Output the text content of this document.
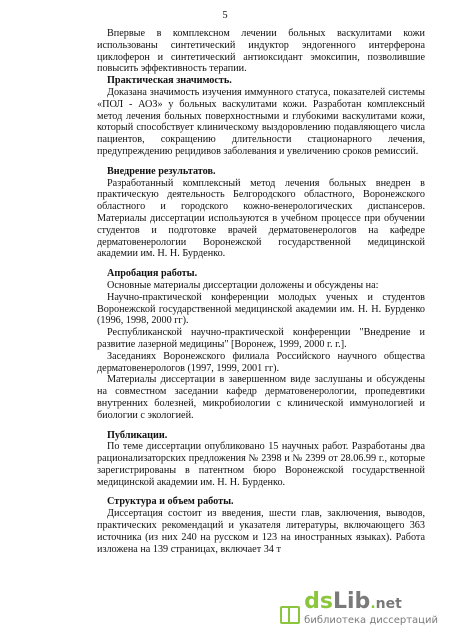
5

Впервые в комплексном лечении больных васкулитами кожи использованы синтетический индуктор эндогенного интерферона циклоферон и синтетический антиоксидант эмоксипин, позволившие повысить эффективность терапии.

Практическая значимость.

Доказана значимость изучения иммунного статуса, показателей системы «ПОЛ - АОЗ» у больных васкулитами кожи. Разработан комплексный метод лечения больных поверхностными и глубокими васкулитами кожи, который способствует клиническому выздоровлению подавляющего числа пациентов, сокращению длительности стационарного лечения, предупреждению рецидивов заболевания и увеличению сроков ремиссий.

Внедрение результатов.

Разработанный комплексный метод лечения больных внедрен в практическую деятельность Белгородского областного, Воронежского областного и городского кожно-венерологических диспансеров. Материалы диссертации используются в учебном процессе при обучении студентов и подготовке врачей дерматовенерологов на кафедре дерматовенерологии Воронежской государственной медицинской академии им. Н. Н. Бурденко.

Апробация работы.

Основные материалы диссертации доложены и обсуждены на:

Научно-практической конференции молодых ученых и студентов Воронежской государственной медицинской академии им. Н. Н. Бурденко (1996, 1998, 2000 гг).

Республиканской научно-практической конференции "Внедрение и развитие лазерной медицины" [Воронеж, 1999, 2000 г. г.].

Заседаниях Воронежского филиала Российского научного общества дерматовенерологов (1997, 1999, 2001 гг).

Материалы диссертации в завершенном виде заслушаны и обсуждены на совместном заседании кафедр дерматовенерологии, пропедевтики внутренних болезней, микробиологии с клинической иммунологией и биологии с экологией.

Публикации.

По теме диссертации опубликовано 15 научных работ. Разработаны два рационализаторских предложения № 2398 и № 2399 от 28.06.99 г., которые зарегистрированы в патентном бюро Воронежской государственной медицинской академии им. Н. Н. Бурденко.

Структура и объем работы.

Диссертация состоит из введения, шести глав, заключения, выводов, практических рекомендаций и указателя литературы, включающего 363 источника (из них 240 на русском и 123 на иностранных языках). Работа изложена на 139 страницах, включает 34 т

dsLib.net
библиотека диссертаций
